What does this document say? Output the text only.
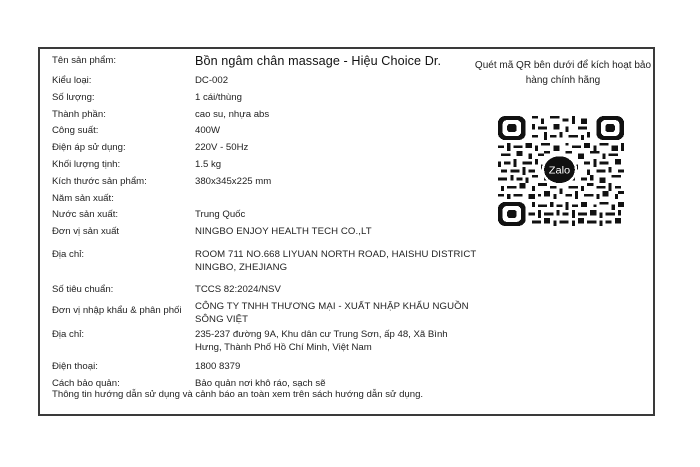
Tên sản phẩm:	Bồn ngâm chân massage - Hiệu Choice Dr.
Kiểu loại:	DC-002
Số lượng:	1 cái/thùng
Thành phần:	cao su, nhựa abs
Công suất:	400W
Điện áp sử dụng:	220V - 50Hz
Khối lượng tịnh:	1.5 kg
Kích thước sản phẩm:	380x345x225 mm
Năm sản xuất:
Nước sản xuất:	Trung Quốc
Đơn vị sản xuất	NINGBO ENJOY HEALTH TECH CO.,LT
Địa chỉ:	ROOM 711 NO.668 LIYUAN NORTH ROAD, HAISHU DISTRICT NINGBO, ZHEJIANG
Số tiêu chuẩn:	TCCS 82:2024/NSV
Đơn vị nhập khẩu & phân phối	CÔNG TY TNHH THƯƠNG MẠI - XUẤT NHẬP KHẨU NGUỒN SÔNG VIỆT
Địa chỉ:	235-237 đường 9A, Khu dân cư Trung Sơn, ấp 48, Xã Bình Hưng, Thành Phố Hồ Chí Minh, Việt Nam
Điện thoại:	1800 8379
Cách bảo quản:	Bảo quản nơi khô ráo, sạch sẽ
Thông tin hướng dẫn sử dụng và cảnh báo an toàn xem trên sách hướng dẫn sử dụng.
Quét mã QR bên dưới để kích hoạt bảo hàng chính hãng
Zalo
